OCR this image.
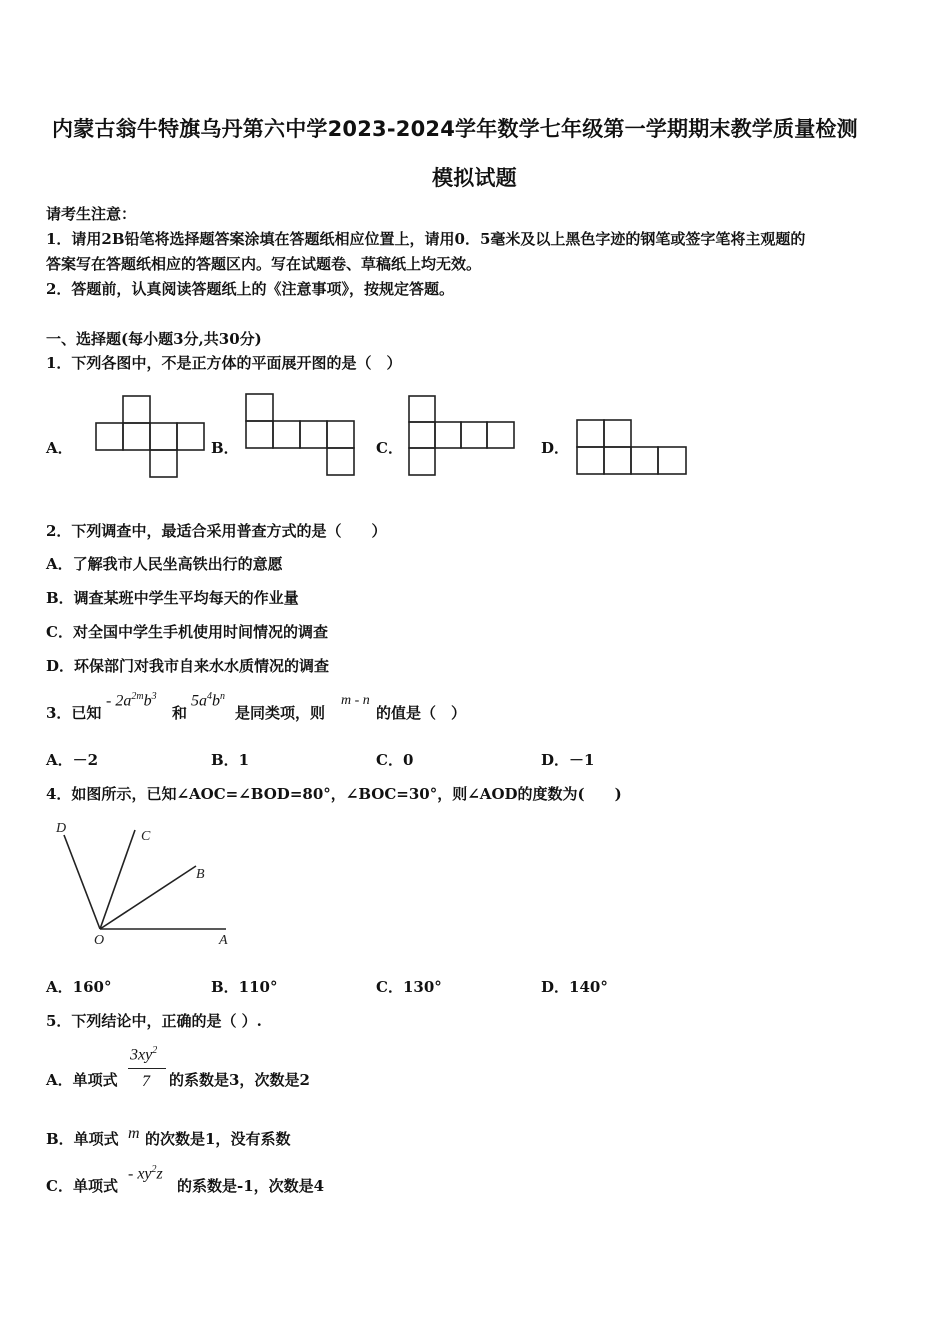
内蒙古翁牛特旗乌丹第六中学2023-2024学年数学七年级第一学期期末教学质量检测
模拟试题
请考生注意：
1．请用2B铅笔将选择题答案涂填在答题纸相应位置上，请用0．5毫米及以上黑色字迹的钢笔或签字笔将主观题的
答案写在答题纸相应的答题区内。写在试题卷、草稿纸上均无效。
2．答题前，认真阅读答题纸上的《注意事项》，按规定答题。
一、选择题(每小题3分,共30分)
1．下列各图中，不是正方体的平面展开图的是（　）
A．	B．	C．	D．
2．下列调查中，最适合采用普查方式的是（　　）
A．了解我市人民坐高铁出行的意愿
B．调查某班中学生平均每天的作业量
C．对全国中学生手机使用时间情况的调查
D．环保部门对我市自来水水质情况的调查
3．已知
- $2a^{2m}b^3$
和
$5a^4b^n$
是同类项，则
m - n
的值是（　）
A．－2	B．1	C．0	D．－1
4．如图所示，已知∠AOC=∠BOD=80°，∠BOC=30°，则∠AOD的度数为(　　)
D
C
B
O	A
A．160°	B．110°	C．130°	D．140°
5．下列结论中，正确的是（ ）.
A．单项式
$3xy^2$
7 的系数是3，次数是2
B．单项式 m 的次数是1，没有系数
C．单项式
- $xy^2z$
的系数是-1，次数是4
